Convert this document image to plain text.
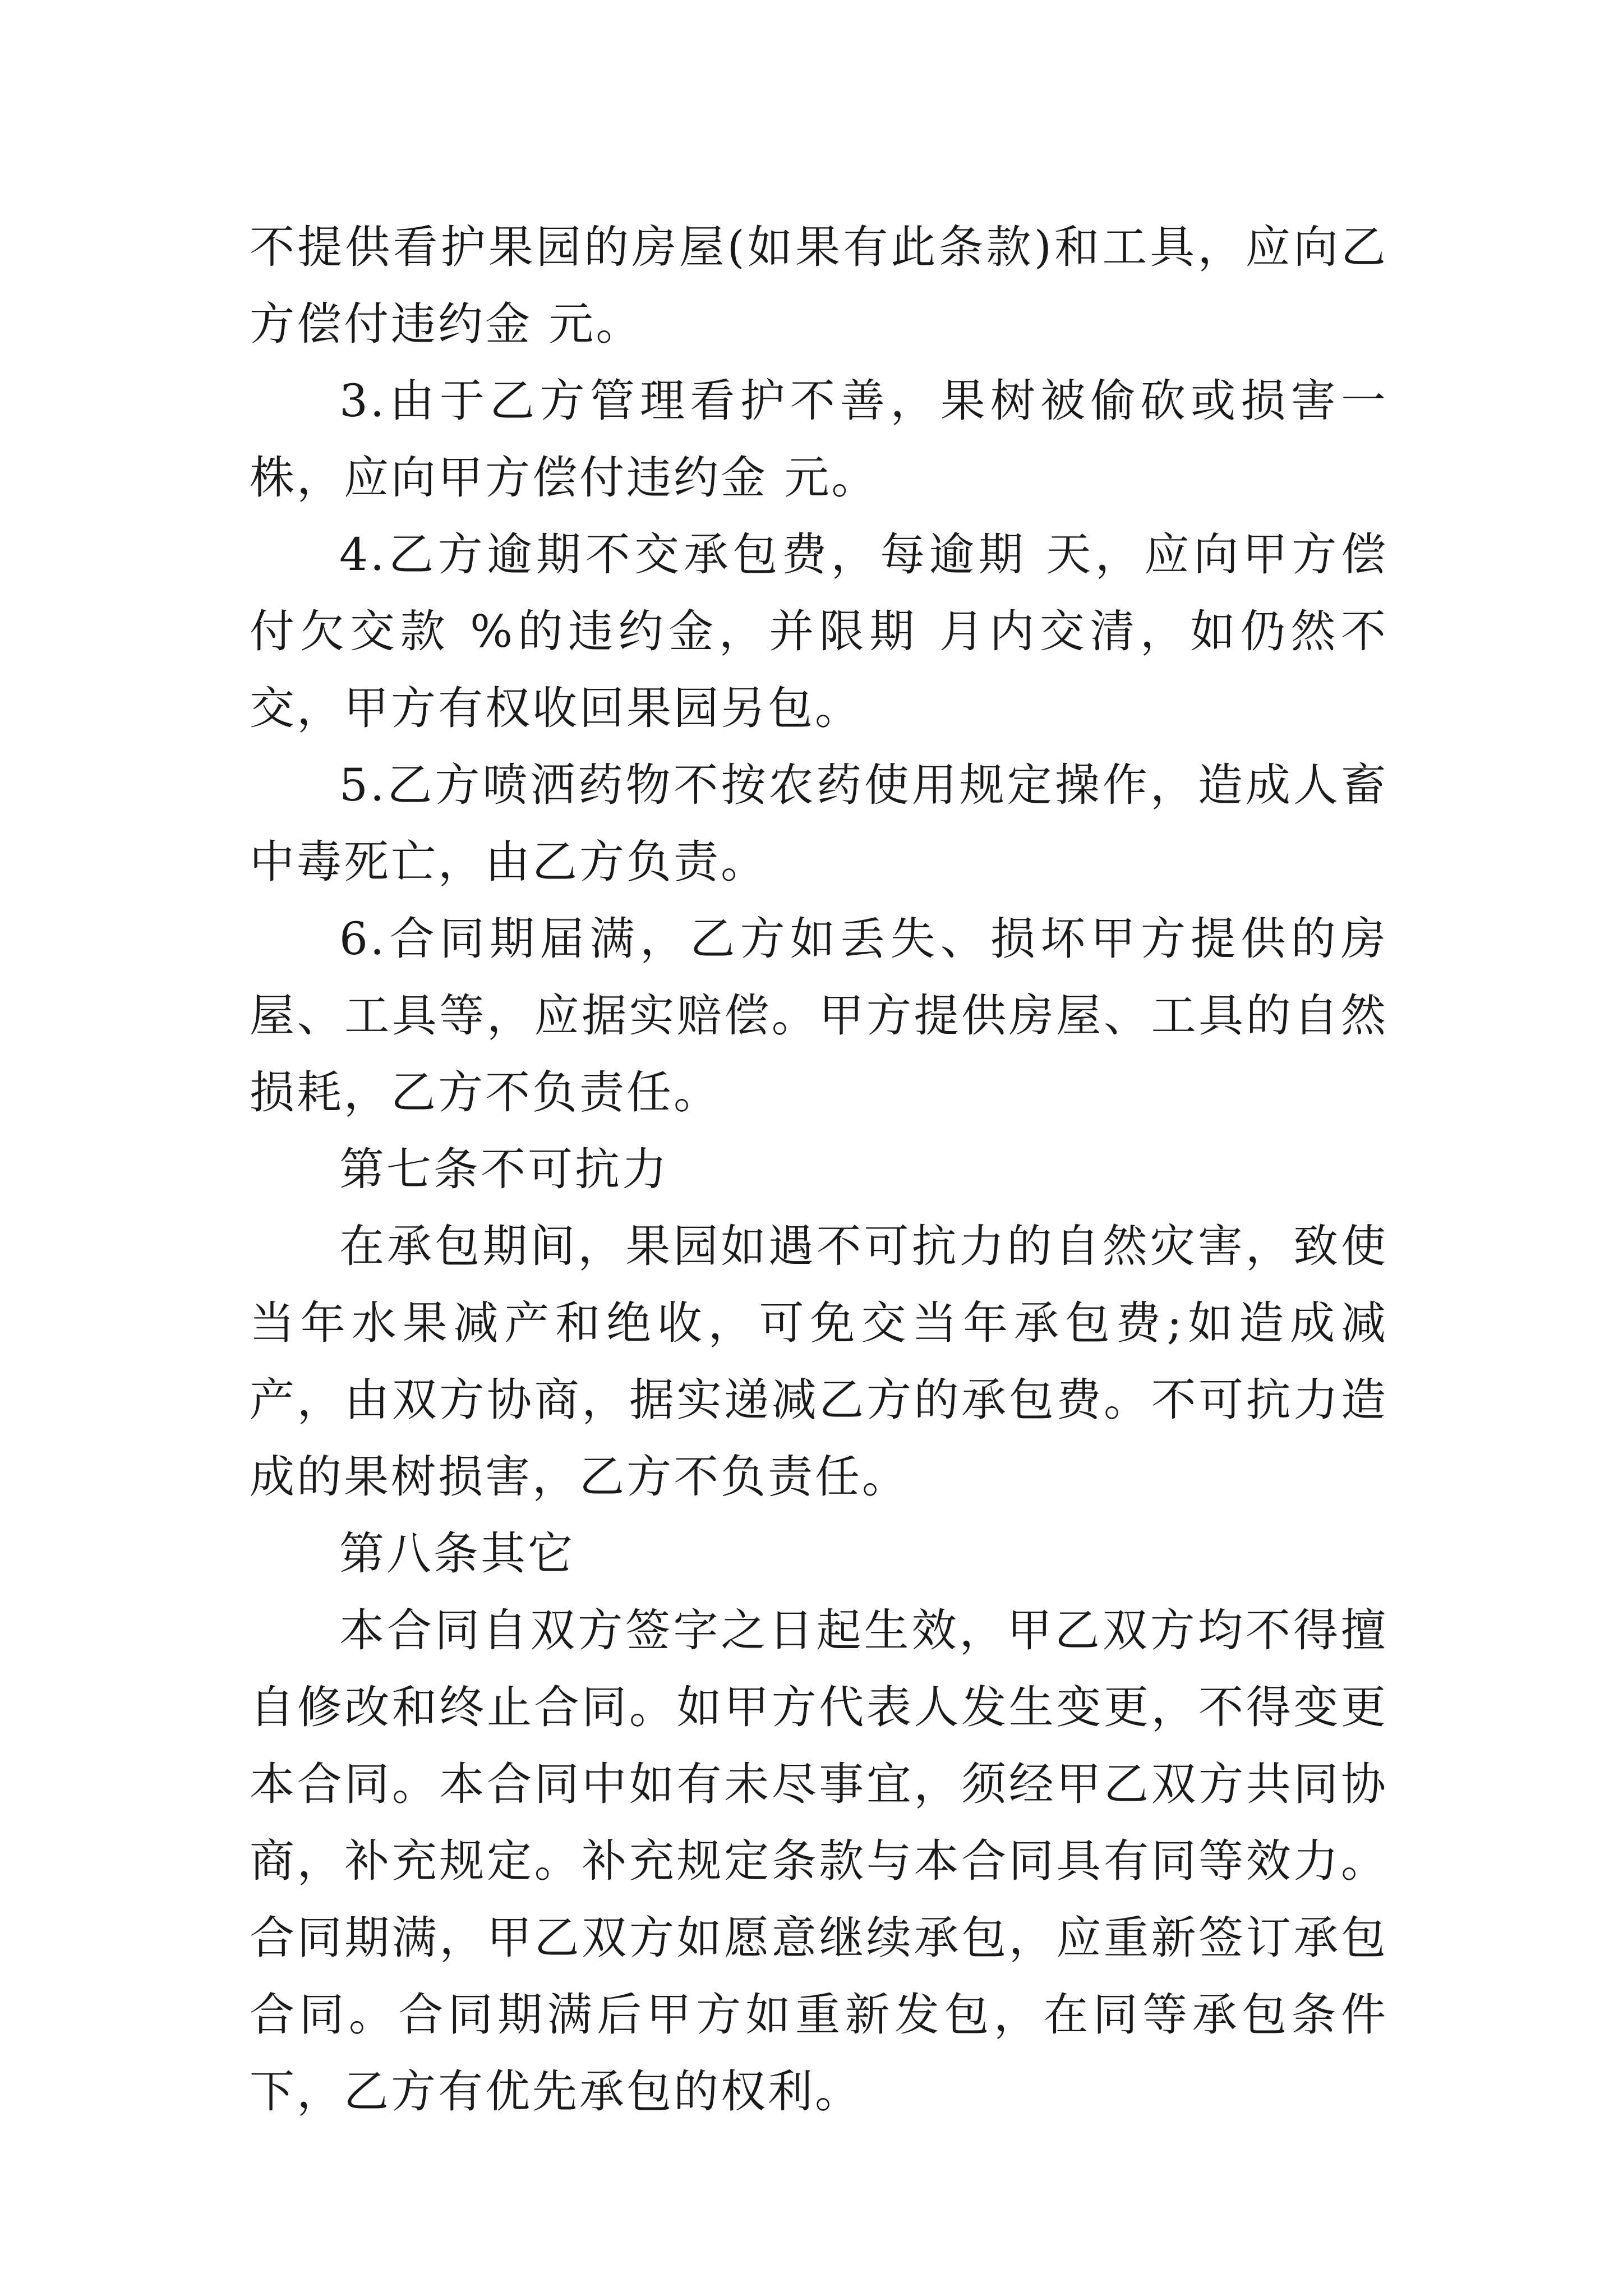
不提供看护果园的房屋(如果有此条款)和工具，应向乙方偿付违约金 元。

3.由于乙方管理看护不善，果树被偷砍或损害一株，应向甲方偿付违约金 元。

4.乙方逾期不交承包费，每逾期 天，应向甲方偿付欠交款 %的违约金，并限期 月内交清，如仍然不交，甲方有权收回果园另包。

5.乙方喷洒药物不按农药使用规定操作，造成人畜中毒死亡，由乙方负责。

6.合同期届满，乙方如丢失、损坏甲方提供的房屋、工具等，应据实赔偿。甲方提供房屋、工具的自然损耗，乙方不负责任。

第七条不可抗力

在承包期间，果园如遇不可抗力的自然灾害，致使当年水果减产和绝收，可免交当年承包费;如造成减产，由双方协商，据实递减乙方的承包费。不可抗力造成的果树损害，乙方不负责任。

第八条其它

本合同自双方签字之日起生效，甲乙双方均不得擅自修改和终止合同。如甲方代表人发生变更，不得变更本合同。本合同中如有未尽事宜，须经甲乙双方共同协商，补充规定。补充规定条款与本合同具有同等效力。合同期满，甲乙双方如愿意继续承包，应重新签订承包合同。合同期满后甲方如重新发包，在同等承包条件下，乙方有优先承包的权利。
